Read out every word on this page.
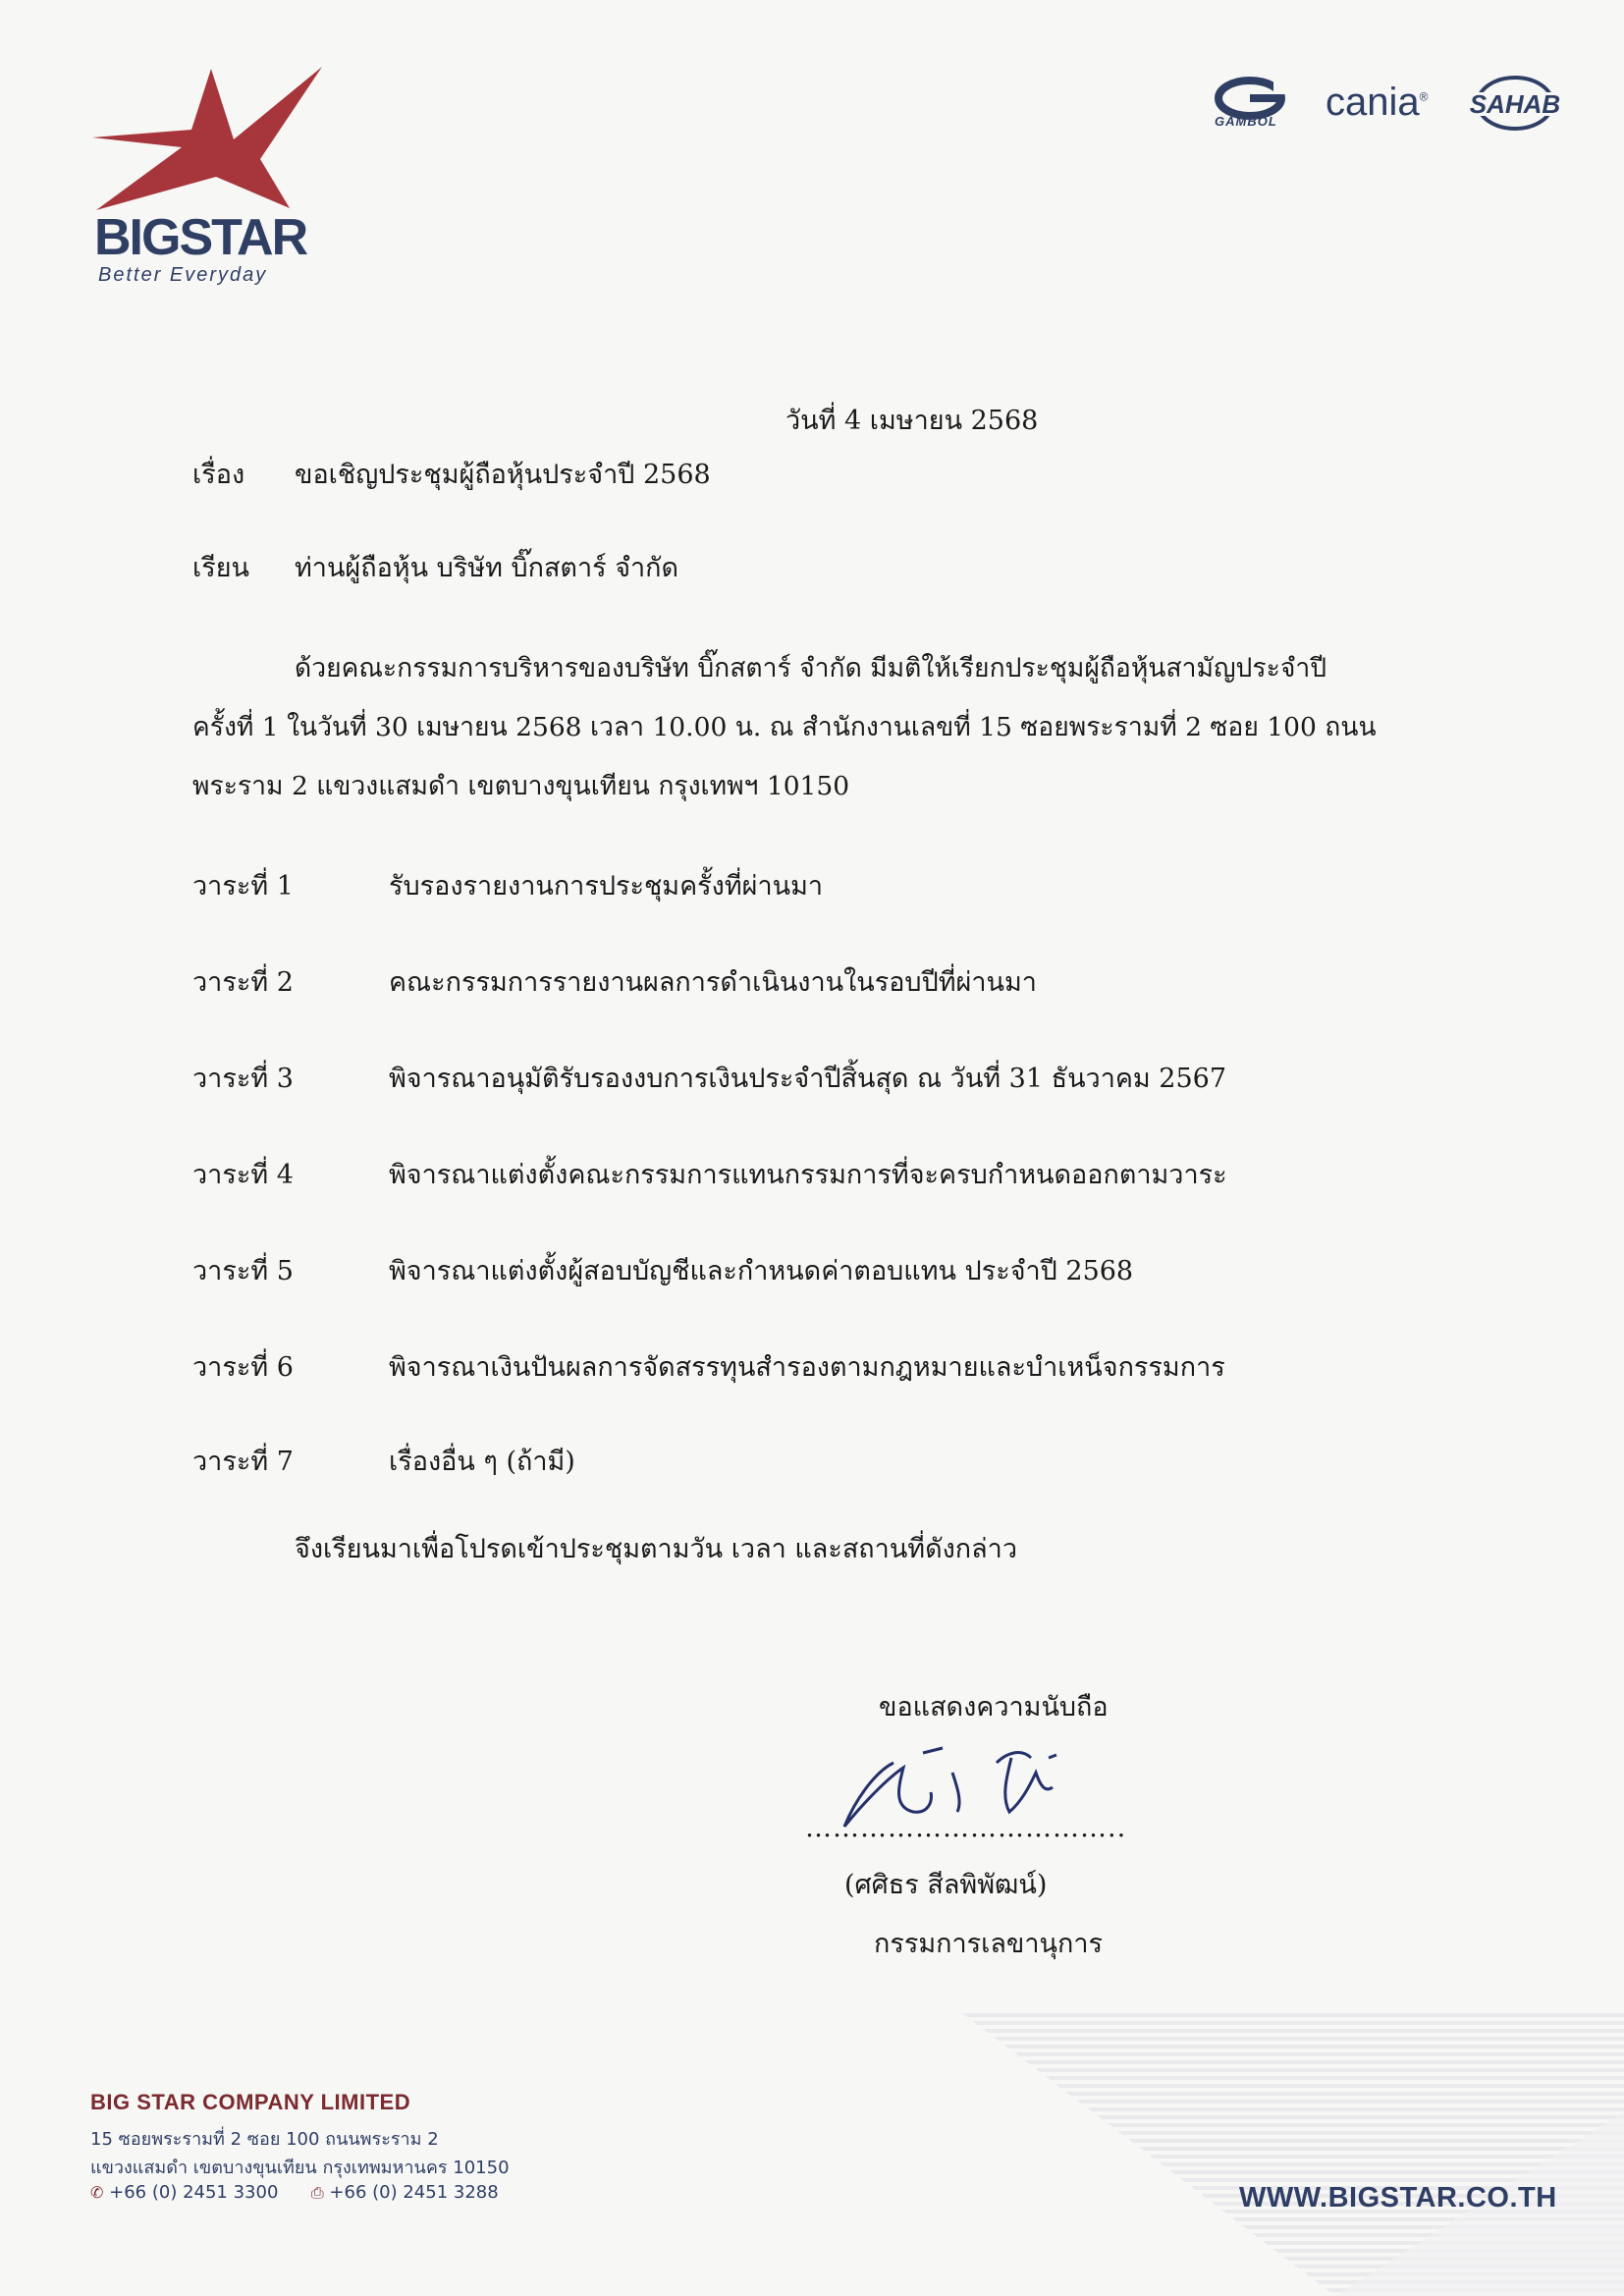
BIGSTAR
Better Everyday
GAMBOL cania® SAHAB
วันที่ 4 เมษายน 2568
เรื่อง ขอเชิญประชุมผู้ถือหุ้นประจำปี 2568
เรียน ท่านผู้ถือหุ้น บริษัท บิ๊กสตาร์ จำกัด
ด้วยคณะกรรมการบริหารของบริษัท บิ๊กสตาร์ จำกัด มีมติให้เรียกประชุมผู้ถือหุ้นสามัญประจำปี
ครั้งที่ 1 ในวันที่ 30 เมษายน 2568 เวลา 10.00 น. ณ สำนักงานเลขที่ 15 ซอยพระรามที่ 2 ซอย 100 ถนน
พระราม 2 แขวงแสมดำ เขตบางขุนเทียน กรุงเทพฯ 10150
วาระที่ 1	รับรองรายงานการประชุมครั้งที่ผ่านมา
วาระที่ 2	คณะกรรมการรายงานผลการดำเนินงานในรอบปีที่ผ่านมา
วาระที่ 3	พิจารณาอนุมัติรับรองงบการเงินประจำปีสิ้นสุด ณ วันที่ 31 ธันวาคม 2567
วาระที่ 4	พิจารณาแต่งตั้งคณะกรรมการแทนกรรมการที่จะครบกำหนดออกตามวาระ
วาระที่ 5	พิจารณาแต่งตั้งผู้สอบบัญชีและกำหนดค่าตอบแทน ประจำปี 2568
วาระที่ 6	พิจารณาเงินปันผลการจัดสรรทุนสำรองตามกฎหมายและบำเหน็จกรรมการ
วาระที่ 7	เรื่องอื่น ๆ (ถ้ามี)
จึงเรียนมาเพื่อโปรดเข้าประชุมตามวัน เวลา และสถานที่ดังกล่าว
ขอแสดงความนับถือ
……………………………..
(ศศิธร สีลพิพัฒน์)
กรรมการเลขานุการ
BIG STAR COMPANY LIMITED
15 ซอยพระรามที่ 2 ซอย 100 ถนนพระราม 2
แขวงแสมดำ เขตบางขุนเทียน กรุงเทพมหานคร 10150
✆ +66 (0) 2451 3300 ⎙ +66 (0) 2451 3288	WWW.BIGSTAR.CO.TH
